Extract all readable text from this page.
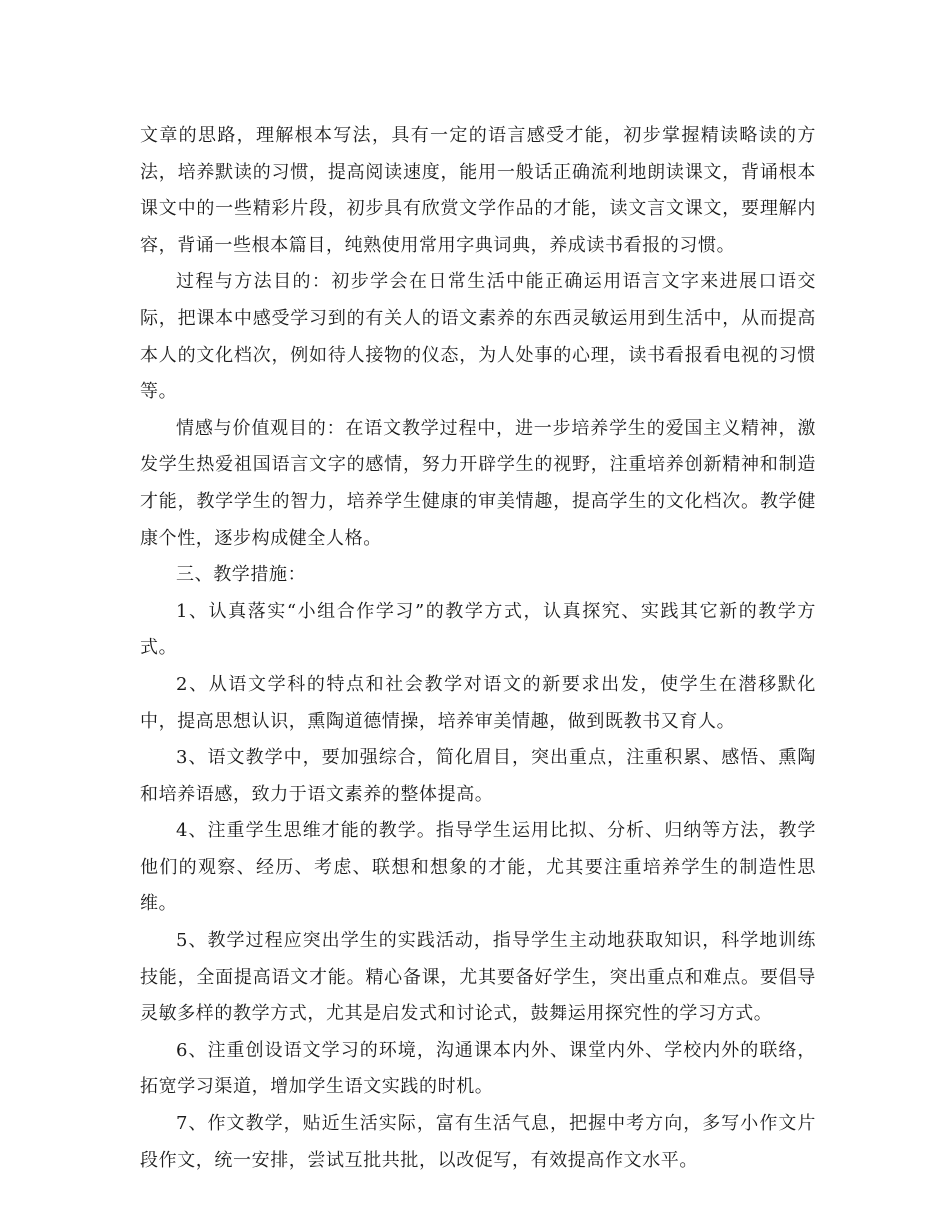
文章的思路，理解根本写法，具有一定的语言感受才能，初步掌握精读略读的方法，培养默读的习惯，提高阅读速度，能用一般话正确流利地朗读课文，背诵根本课文中的一些精彩片段，初步具有欣赏文学作品的才能，读文言文课文，要理解内容，背诵一些根本篇目，纯熟使用常用字典词典，养成读书看报的习惯。

过程与方法目的：初步学会在日常生活中能正确运用语言文字来进展口语交际，把课本中感受学习到的有关人的语文素养的东西灵敏运用到生活中，从而提高本人的文化档次，例如待人接物的仪态，为人处事的心理，读书看报看电视的习惯等。

情感与价值观目的：在语文教学过程中，进一步培养学生的爱国主义精神，激发学生热爱祖国语言文字的感情，努力开辟学生的视野，注重培养创新精神和制造才能，教学学生的智力，培养学生健康的审美情趣，提高学生的文化档次。教学健康个性，逐步构成健全人格。

三、教学措施：

1、认真落实“小组合作学习”的教学方式，认真探究、实践其它新的教学方式。

2、从语文学科的特点和社会教学对语文的新要求出发，使学生在潜移默化中，提高思想认识，熏陶道德情操，培养审美情趣，做到既教书又育人。

3、语文教学中，要加强综合，简化眉目，突出重点，注重积累、感悟、熏陶和培养语感，致力于语文素养的整体提高。

4、注重学生思维才能的教学。指导学生运用比拟、分析、归纳等方法，教学他们的观察、经历、考虑、联想和想象的才能，尤其要注重培养学生的制造性思维。

5、教学过程应突出学生的实践活动，指导学生主动地获取知识，科学地训练技能，全面提高语文才能。精心备课，尤其要备好学生，突出重点和难点。要倡导灵敏多样的教学方式，尤其是启发式和讨论式，鼓舞运用探究性的学习方式。

6、注重创设语文学习的环境，沟通课本内外、课堂内外、学校内外的联络，拓宽学习渠道，增加学生语文实践的时机。

7、作文教学，贴近生活实际，富有生活气息，把握中考方向，多写小作文片段作文，统一安排，尝试互批共批，以改促写，有效提高作文水平。
